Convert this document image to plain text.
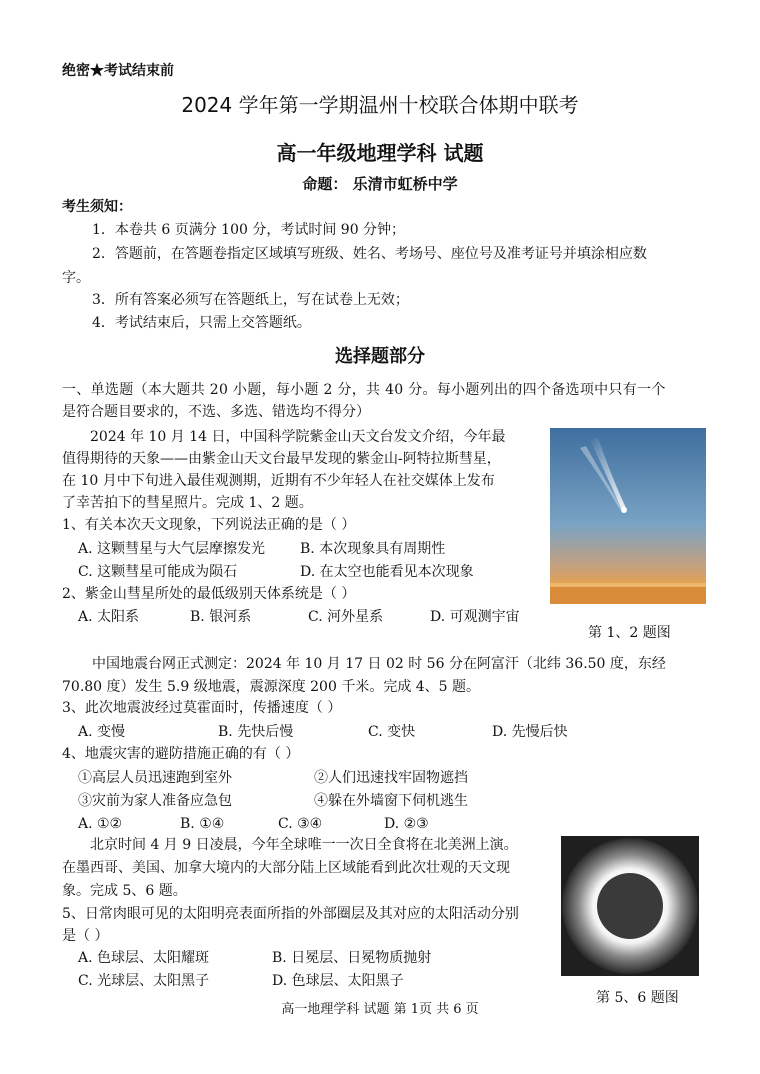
绝密★考试结束前
2024 学年第一学期温州十校联合体期中联考
高一年级地理学科 试题
命题： 乐清市虹桥中学
考生须知：
1．本卷共 6 页满分 100 分，考试时间 90 分钟；
2．答题前，在答题卷指定区域填写班级、姓名、考场号、座位号及准考证号并填涂相应数
字。
3．所有答案必须写在答题纸上，写在试卷上无效；
4．考试结束后，只需上交答题纸。
选择题部分
一、单选题（本大题共 20 小题，每小题 2 分，共 40 分。每小题列出的四个备选项中只有一个
是符合题目要求的，不选、多选、错选均不得分）
2024 年 10 月 14 日，中国科学院紫金山天文台发文介绍，今年最
值得期待的天象——由紫金山天文台最早发现的紫金山-阿特拉斯彗星，
在 10 月中下旬进入最佳观测期，近期有不少年轻人在社交媒体上发布
了幸苦拍下的彗星照片。完成 1、2 题。
第 1、2 题图
1、有关本次天文现象，下列说法正确的是（ ）
A. 这颗彗星与大气层摩擦发光 B. 本次现象具有周期性
C. 这颗彗星可能成为陨石	D. 在太空也能看见本次现象
2、紫金山彗星所处的最低级别天体系统是（ ）
A. 太阳系	B. 银河系	C. 河外星系	D. 可观测宇宙
中国地震台网正式测定：2024 年 10 月 17 日 02 时 56 分在阿富汗（北纬 36.50 度，东经
70.80 度）发生 5.9 级地震，震源深度 200 千米。完成 4、5 题。
3、此次地震波经过莫霍面时，传播速度（ ）
A. 变慢	B. 先快后慢	C. 变快	D. 先慢后快
4、地震灾害的避防措施正确的有（ ）
①高层人员迅速跑到室外	②人们迅速找牢固物遮挡
③灾前为家人准备应急包	④躲在外墙窗下伺机逃生
A. ①②	B. ①④	C. ③④	D. ②③
北京时间 4 月 9 日凌晨，今年全球唯一一次日全食将在北美洲上演。
在墨西哥、美国、加拿大境内的大部分陆上区域能看到此次壮观的天文现
象。完成 5、6 题。
第 5、6 题图
5、日常肉眼可见的太阳明亮表面所指的外部圈层及其对应的太阳活动分别
是（ ）
A. 色球层、太阳耀斑	B. 日冕层、日冕物质抛射
C. 光球层、太阳黑子	D. 色球层、太阳黑子
高一地理学科 试题 第 1页 共 6 页
